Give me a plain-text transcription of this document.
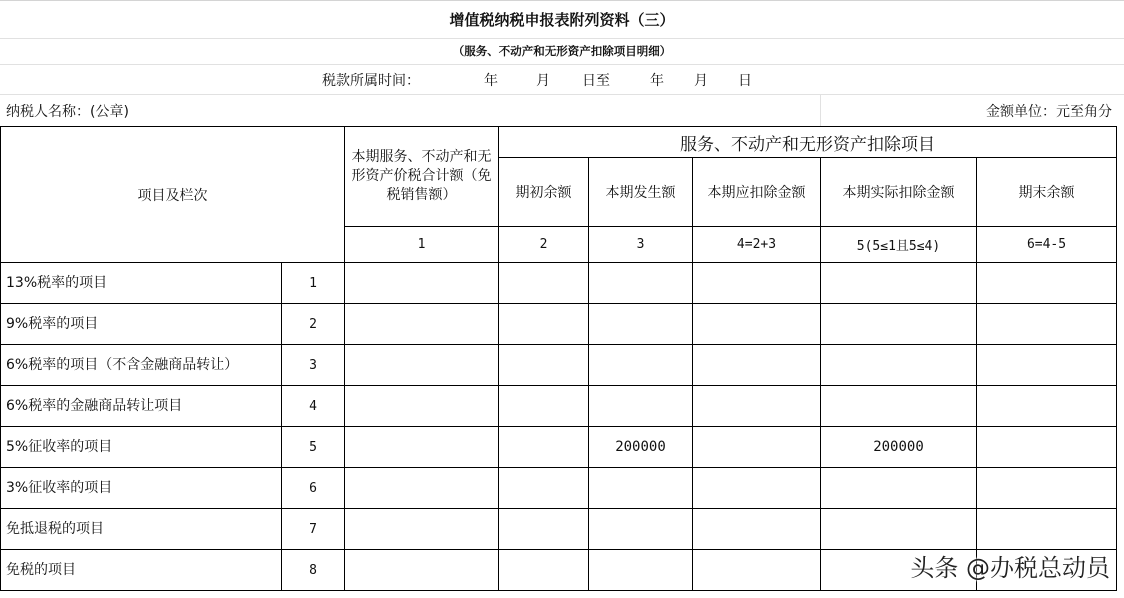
增值税纳税申报表附列资料（三）
（服务、不动产和无形资产扣除项目明细）
税款所属时间：	年	月 日至	年 月 日
纳税人名称：(公章)	金额单位：元至角分
项目及栏次		本期服务、不动产和无形资产价税合计额（免税销售额）	服务、不动产和无形资产扣除项目				
			期初余额	本期发生额	本期应扣除金额	本期实际扣除金额	期末余额
		1	2	3	4=2+3	5(5≤1且5≤4)	6=4-5
13%税率的项目	1						
9%税率的项目	2						
6%税率的项目（不含金融商品转让）	3						
6%税率的金融商品转让项目	4						
5%征收率的项目	5			200000		200000	
3%征收率的项目	6						
免抵退税的项目	7						
免税的项目	8							头条 @办税总动员
